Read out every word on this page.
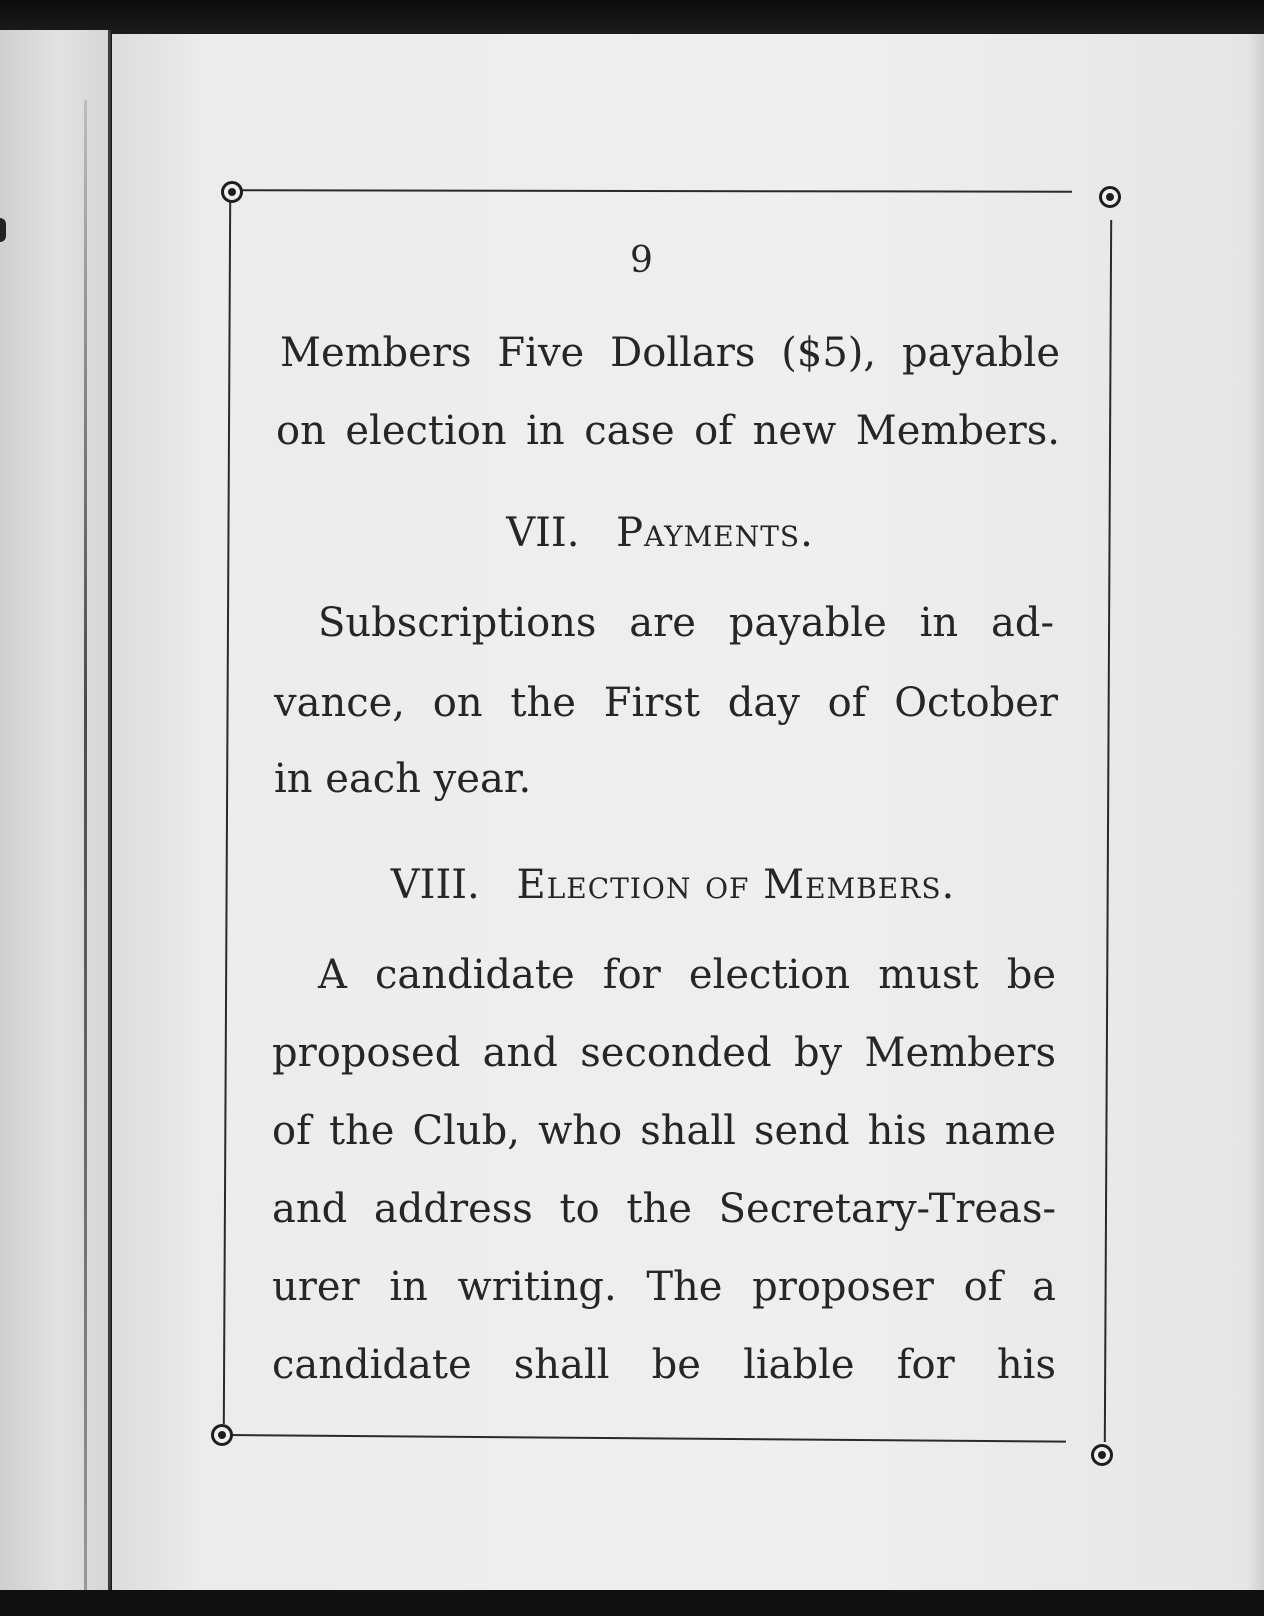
9
Members Five Dollars ($5), payable
on election in case of new Members.
VII. Payments.
Subscriptions are payable in ad-
vance, on the First day of October
in each year.
VIII. Election of Members.
A candidate for election must be
proposed and seconded by Members
of the Club, who shall send his name
and address to the Secretary-Treas-
urer in writing. The proposer of a
candidate shall be liable for his
